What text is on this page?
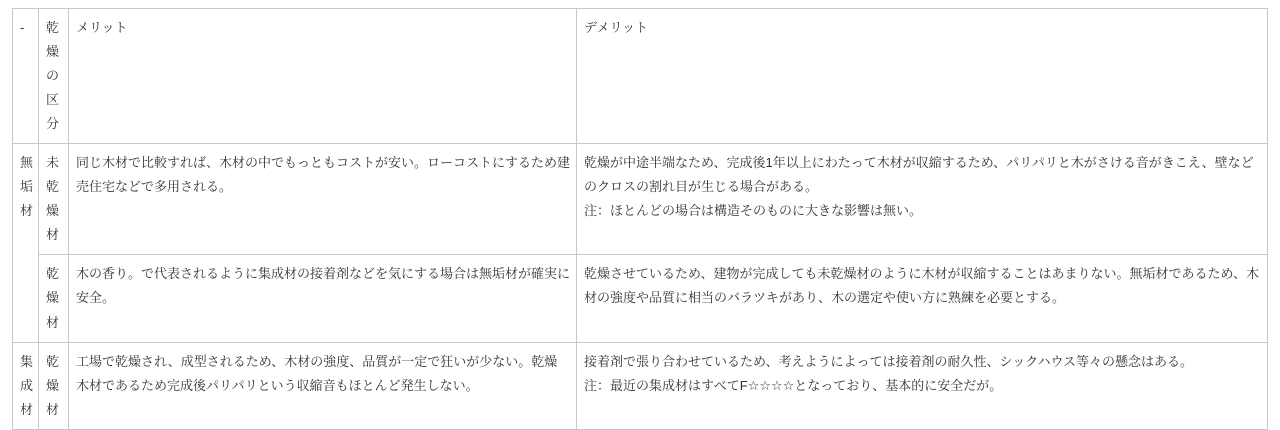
-	乾燥の区分	メリット	デメリット
無垢材	未乾燥材	同じ木材で比較すれば、木材の中でもっともコストが安い。ローコストにするため建売住宅などで多用される。	乾燥が中途半端なため、完成後1年以上にわたって木材が収縮するため、パリパリと木がさける音がきこえ、壁などのクロスの割れ目が生じる場合がある。

注：ほとんどの場合は構造そのものに大きな影響は無い。

	乾燥材	木の香り。で代表されるように集成材の接着剤などを気にする場合は無垢材が確実に安全。	乾燥させているため、建物が完成しても未乾燥材のように木材が収縮することはあまりない。無垢材であるため、木材の強度や品質に相当のバラツキがあり、木の選定や使い方に熟練を必要とする。

集成材	乾燥材	工場で乾燥され、成型されるため、木材の強度、品質が一定で狂いが少ない。乾燥木材であるため完成後パリパリという収縮音もほとんど発生しない。	接着剤で張り合わせているため、考えようによっては接着剤の耐久性、シックハウス等々の懸念はある。

注：最近の集成材はすべてF☆☆☆☆となっており、基本的に安全だが。
